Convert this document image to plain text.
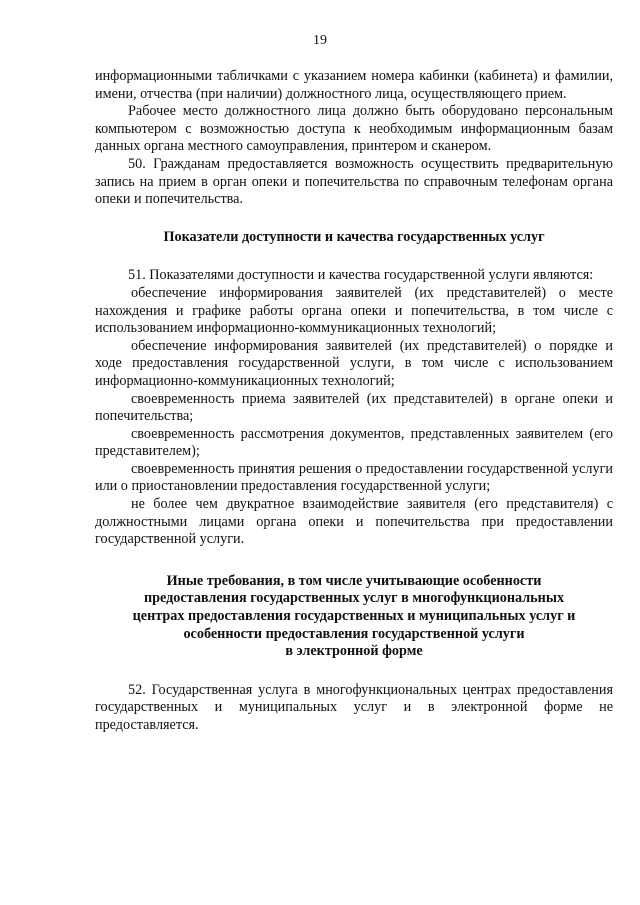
19

информационными табличками с указанием номера кабинки (кабинета) и фамилии, имени, отчества (при наличии) должностного лица, осуществляющего прием.

Рабочее место должностного лица должно быть оборудовано персональным компьютером с возможностью доступа к необходимым информационным базам данных органа местного самоуправления, принтером и сканером.

50. Гражданам предоставляется возможность осуществить предварительную запись на прием в орган опеки и попечительства по справочным телефонам органа опеки и попечительства.

Показатели доступности и качества государственных услуг

51. Показателями доступности и качества государственной услуги являются:

обеспечение информирования заявителей (их представителей) о месте нахождения и графике работы органа опеки и попечительства, в том числе с использованием информационно-коммуникационных технологий;

обеспечение информирования заявителей (их представителей) о порядке и ходе предоставления государственной услуги, в том числе с использованием информационно-коммуникационных технологий;

своевременность приема заявителей (их представителей) в органе опеки и попечительства;

своевременность рассмотрения документов, представленных заявителем (его представителем);

своевременность принятия решения о предоставлении государственной услуги или о приостановлении предоставления государственной услуги;

не более чем двукратное взаимодействие заявителя (его представителя) с должностными лицами органа опеки и попечительства при предоставлении государственной услуги.

Иные требования, в том числе учитывающие особенности
предоставления государственных услуг в многофункциональных
центрах предоставления государственных и муниципальных услуг и
особенности предоставления государственной услуги
в электронной форме

52. Государственная услуга в многофункциональных центрах предоставления государственных и муниципальных услуг и в электронной форме не предоставляется.
